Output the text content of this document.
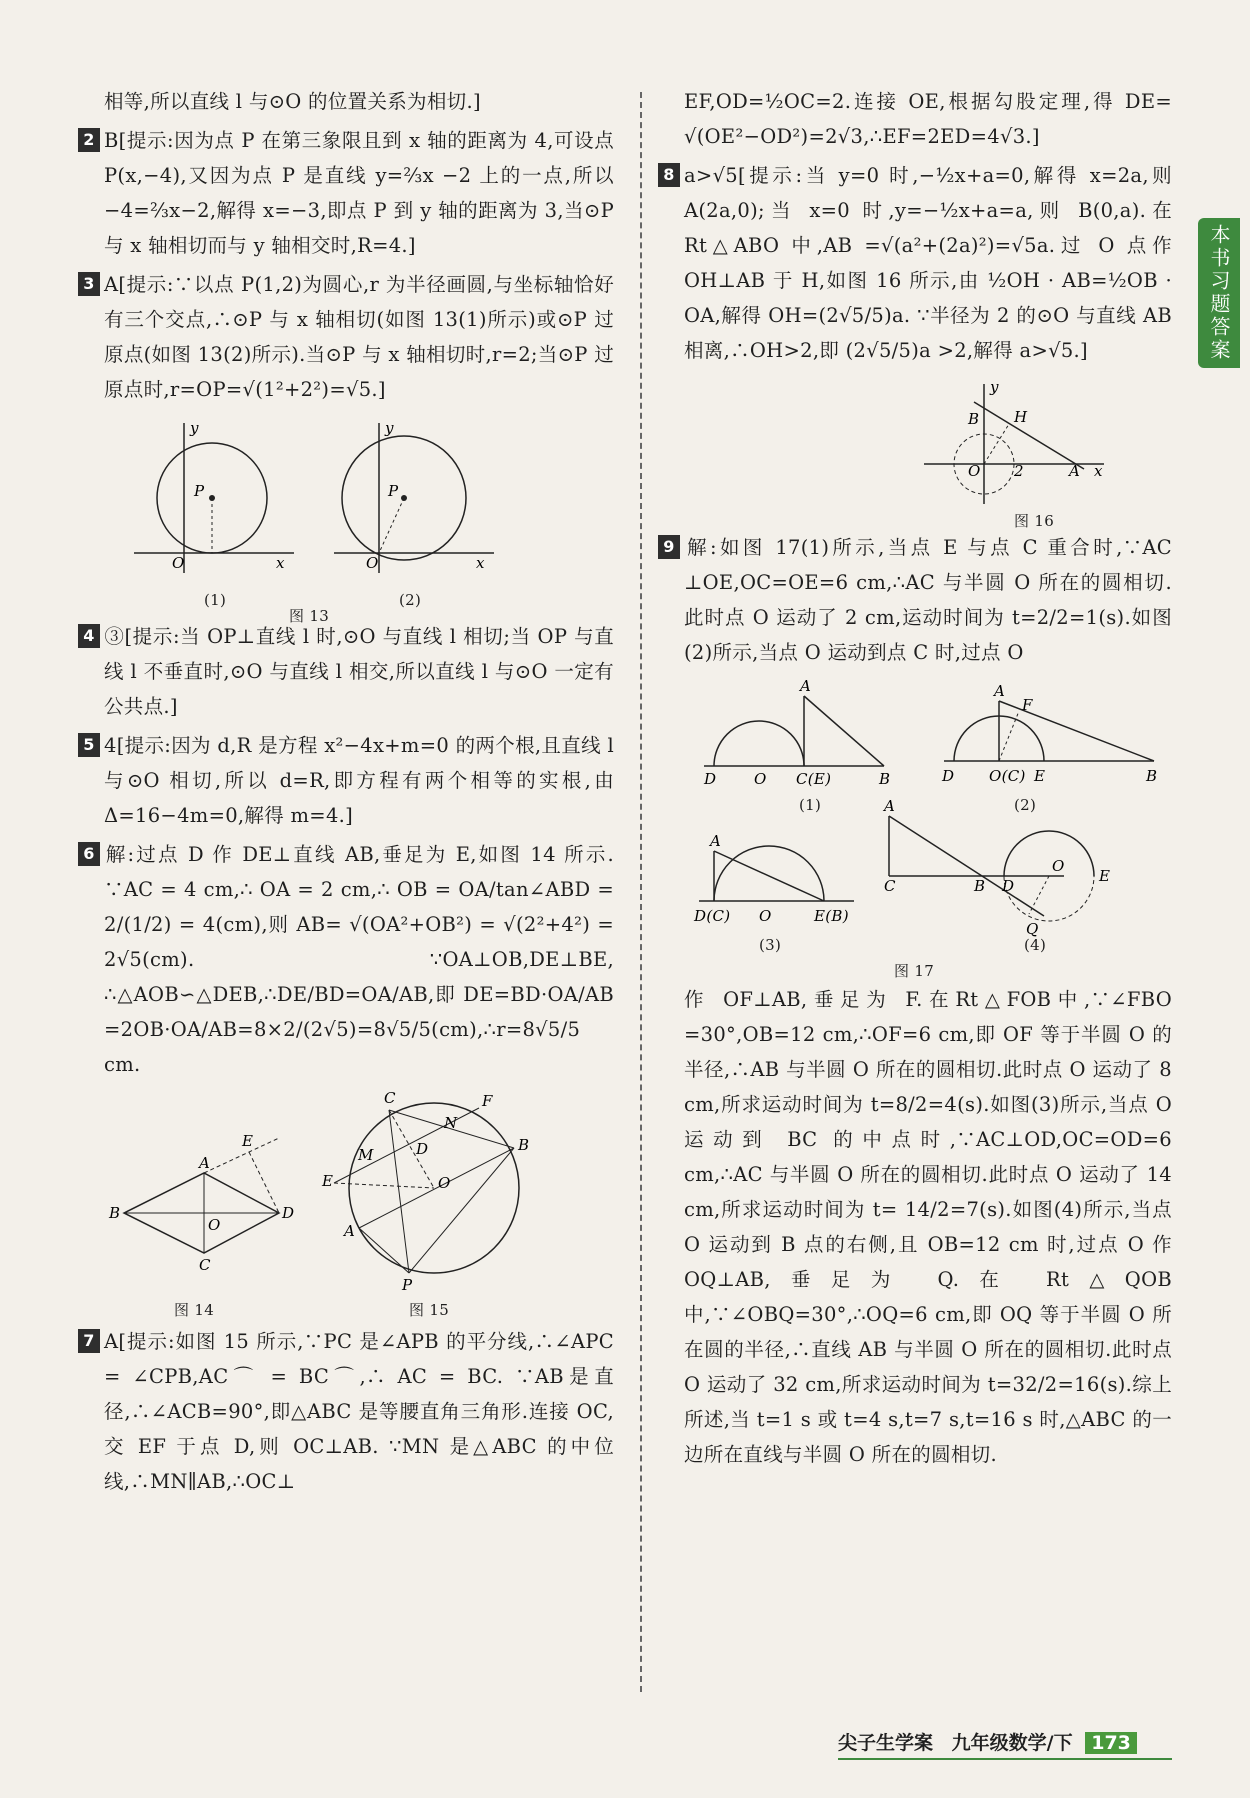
本书习题答案

相等,所以直线 l 与⊙O 的位置关系为相切.]

2 B[提示:因为点 P 在第三象限且到 x 轴的距离为 4,可设点 P(x,−4),又因为点 P 是直线 y=⅔x −2 上的一点,所以 −4=⅔x−2,解得 x=−3,即点 P 到 y 轴的距离为 3,当⊙P 与 x 轴相切而与 y 轴相交时,R=4.]

3 A[提示:∵以点 P(1,2)为圆心,r 为半径画圆,与坐标轴恰好有三个交点,∴⊙P 与 x 轴相切(如图 13(1)所示)或⊙P 过原点(如图 13(2)所示).当⊙P 与 x 轴相切时,r=2;当⊙P 过原点时,r=OP=√(1²+2²)=√5.]

P
O	x
y
P
O	x
y
(1)	(2)
图 13

4 ③[提示:当 OP⊥直线 l 时,⊙O 与直线 l 相切;当 OP 与直线 l 不垂直时,⊙O 与直线 l 相交,所以直线 l 与⊙O 一定有公共点.]

5 4[提示:因为 d,R 是方程 x²−4x+m=0 的两个根,且直线 l 与⊙O 相切,所以 d=R,即方程有两个相等的实根,由 Δ=16−4m=0,解得 m=4.]

6 解:过点 D 作 DE⊥直线 AB,垂足为 E,如图 14 所示. ∵AC = 4 cm,∴ OA = 2 cm,∴ OB = OA/tan∠ABD = 2/(1/2) = 4(cm),则 AB= √(OA²+OB²) = √(2²+4²) = 2√5(cm). ∵OA⊥OB,DE⊥BE, ∴△AOB∽△DEB,∴DE/BD=OA/AB,即 DE=BD·OA/AB =2OB·OA/AB=8×2/(2√5)=8√5/5(cm),∴r=8√5/5 cm.

A
B	D
C
O
E
C	F
B
A
P
O
E
M
N
D
图 14	图 15

7 A[提示:如图 15 所示,∵PC 是∠APB 的平分线,∴∠APC = ∠CPB,AC⌒ = BC⌒,∴ AC = BC. ∵AB是直径,∴∠ACB=90°,即△ABC 是等腰直角三角形.连接 OC,交 EF 于点 D,则 OC⊥AB. ∵MN 是△ABC 的中位线,∴MN∥AB,∴OC⊥

EF,OD=½OC=2.连接 OE,根据勾股定理,得 DE= √(OE²−OD²)=2√3,∴EF=2ED=4√3.]

8 a>√5[提示:当 y=0 时,−½x+a=0,解得 x=2a,则 A(2a,0);当 x=0 时,y=−½x+a=a,则 B(0,a).在 Rt△ABO 中,AB =√(a²+(2a)²)=√5a.过 O 点作 OH⊥AB 于 H,如图 16 所示,由 ½OH · AB=½OB · OA,解得 OH=(2√5/5)a. ∵半径为 2 的⊙O 与直线 AB 相离,∴OH>2,即 (2√5/5)a >2,解得 a>√5.]

B H
O 2	A x
y
图 16

9 解:如图 17(1)所示,当点 E 与点 C 重合时,∵AC ⊥OE,OC=OE=6 cm,∴AC 与半圆 O 所在的圆相切.此时点 O 运动了 2 cm,运动时间为 t=2/2=1(s).如图(2)所示,当点 O 运动到点 C 时,过点 O

D	O C(E)	B
A
D O(C) E	B
A
F
D(C) O	E(B)
A
A
C	B D
O
E
Q
(1)	(2)
(3)	(4)
图 17

作 OF⊥AB,垂足为 F.在Rt△FOB中,∵∠FBO =30°,OB=12 cm,∴OF=6 cm,即 OF 等于半圆 O 的半径,∴AB 与半圆 O 所在的圆相切.此时点 O 运动了 8 cm,所求运动时间为 t=8/2=4(s).如图(3)所示,当点 O 运动到 BC 的中点时,∵AC⊥OD,OC=OD=6 cm,∴AC 与半圆 O 所在的圆相切.此时点 O 运动了 14 cm,所求运动时间为 t= 14/2=7(s).如图(4)所示,当点 O 运动到 B 点的右侧,且 OB=12 cm 时,过点 O 作 OQ⊥AB,垂足为 Q.在 Rt△QOB 中,∵∠OBQ=30°,∴OQ=6 cm,即 OQ 等于半圆 O 所在圆的半径,∴直线 AB 与半圆 O 所在的圆相切.此时点 O 运动了 32 cm,所求运动时间为 t=32/2=16(s).综上所述,当 t=1 s 或 t=4 s,t=7 s,t=16 s 时,△ABC 的一边所在直线与半圆 O 所在的圆相切.

尖子生学案 九年级数学/下 173
